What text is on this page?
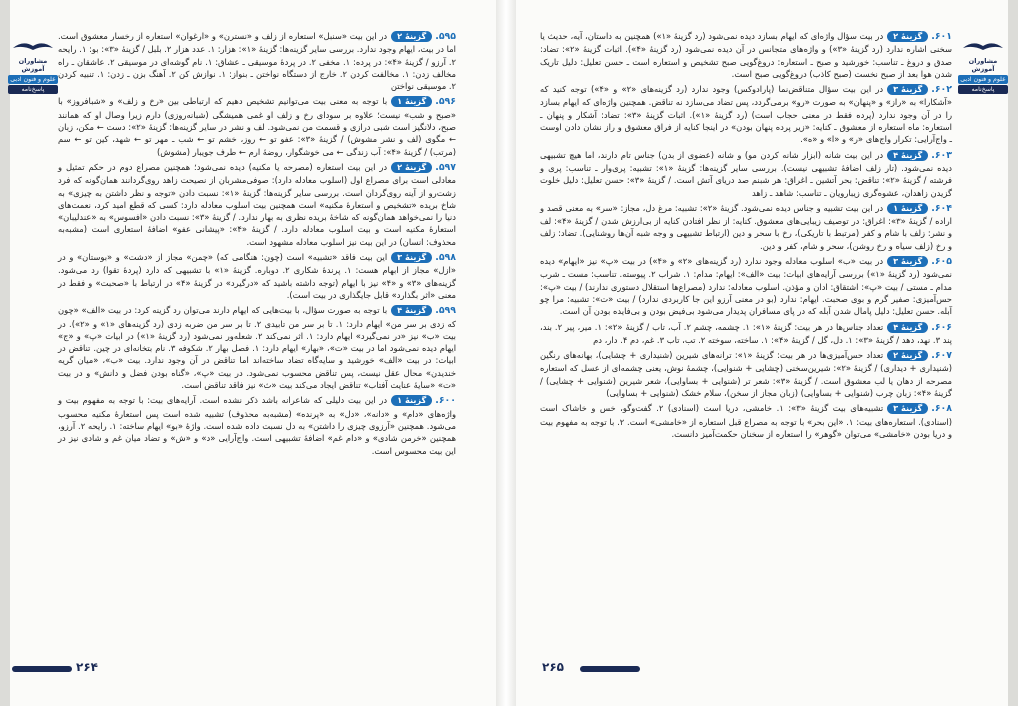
مشاوران آموزش
علوم و فنون ادبی
پاسخ‌نامه
۵۹۵.گزینهٔ ۲در این بیت «سنبل» استعاره از زلف و «نسترن» و «ارغوان» استعاره از رخسار معشوق است. اما در بیت، ایهام وجود ندارد. بررسی سایر گزینه‌ها: گزینهٔ «۱»: هزار: ۱. عدد هزار ۲. بلبل / گزینهٔ «۳»: بو: ۱. رایحه ۲. آرزو / گزینهٔ «۴»: در پرده: ۱. مخفی ۲. در پردهٔ موسیقی ـ عشاق: ۱. نام گوشه‌ای در موسیقی ۲. عاشقان ـ راه مخالف زدن: ۱. مخالفت کردن ۲. خارج از دستگاه نواختن ـ بنواز: ۱. نوازش کن ۲. آهنگ بزن ـ زدن: ۱. تنبیه کردن ۲. موسیقی نواختن
۵۹۶.گزینهٔ ۱با توجه به معنی بیت می‌توانیم تشخیص دهیم که ارتباطی بین «رخ و زلف» و «شبافروز» با «صبح و شب» نیست؛ علاوه بر سودای رخ و زلف او غمی همیشگی (شبانه‌روزی) دارم زیرا وصال او که همانند صبح، دلانگیز است شبی درازی و قسمت من نمی‌شود. لف و نشر در سایر گزینه‌ها: گزینهٔ «۲»: دست ← مکن، زبان ← مگوی (لف و نشر مشوش) / گزینهٔ «۳»: عفو تو ← روز، خشم تو ← شب ـ مهر تو ← شهد، کین تو ← سم (مرتب) / گزینهٔ «۴»: آب زندگی ← می خوشگوار، روضهٔ ارم ← طرف جویبار (مشوش)
۵۹۷.گزینهٔ ۲در این بیت استعاره (مصرحه یا مکنیه) دیده نمی‌شود؛ همچنین مصراع دوم در حکم تمثیل و معادلی است برای مصراع اول (اسلوب معادله دارد): صوفی‌مشربان از نصیحت زاهد روی‌گردانند همان‌گونه که فرد زشت‌رو از آینه روی‌گردان است. بررسی سایر گزینه‌ها: گزینهٔ «۱»: نسبت دادن «توجه و نظر داشتن به چیزی» به شاخ بریده «تشخیص و استعارهٔ مکنیه» است همچنین بیت اسلوب معادله دارد: کسی که قطع امید کرد، نعمت‌های دنیا را نمی‌خواهد همان‌گونه که شاخهٔ بریده نظری به بهار ندارد. / گزینهٔ «۳»: نسبت دادن «افسوس» به «عندلیبان» استعارهٔ مکنیه است و بیت اسلوب معادله دارد. / گزینهٔ «۴»: «پیشانی عفو» اضافهٔ استعاری است (مشبه‌به محذوف: انسان) در این بیت نیز اسلوب معادله مشهود است.
۵۹۸.گزینهٔ ۳این بیت فاقد «تشبیه» است (چون: هنگامی که) «چمن» مجاز از «دشت» و «بوستان» و در «ازل» مجاز از ابهام هست: ۱. پرندهٔ شکاری ۲. دوباره. گزینهٔ «۱» با تشبیهی که دارد (پردهٔ تقوا) رد می‌شود. گزینه‌های «۳» و «۴» نیز با ایهام (توجه داشته باشید که «درگیرد» در گزینهٔ «۴» در ارتباط با «صحبت» و فقط در معنی «اثر بگذارد» قابل جایگذاری در بیت است).
۵۹۹.گزینهٔ ۴با توجه به صورت سؤال، با بیت‌هایی که ایهام دارند می‌توان رد گزینه کرد: در بیت «الف» «چون که زدی بر سر من» ایهام دارد: ۱. تا بر سر من تابیدی ۲. تا بر سر من ضربه زدی (رد گزینه‌های «۱» و «۲»). در بیت «ب» نیز «در نمی‌گیرد» ایهام دارد: ۱. اثر نمی‌کند ۲. شعله‌ور نمی‌شود (رد گزینهٔ «۱») در ابیات «پ» و «ج» ایهام دیده نمی‌شود اما در بیت «ت»، «بهار» ایهام دارد: ۱. فصل بهار ۲. شکوفه ۳. نام بتخانه‌ای در چین. تناقض در ابیات: در بیت «الف» خورشید و سایه‌گاه تضاد ساخته‌اند اما تناقض در آن وجود ندارد. بیت «ب»، «میان گریه خندیدن» محال عقل نیست، پس تناقض محسوب نمی‌شود. در بیت «پ»، «گناه بودن فضل و دانش» و در بیت «ت» «سایهٔ عنایت آفتاب» تناقض ایجاد می‌کند بیت «ث» نیز فاقد تناقض است.
۶۰۰.گزینهٔ ۱در این بیت دلیلی که شاعرانه باشد ذکر نشده است. آرایه‌های بیت: با توجه به مفهوم بیت و واژه‌های «دام» و «دانه»، «دل» به «پرنده» (مشبه‌به محذوف) تشبیه شده است پس استعارهٔ مکنیه محسوب می‌شود. همچنین «آرزوی چیزی را داشتن» به دل نسبت داده شده است. واژهٔ «بو» ایهام ساخته: ۱. رایحه ۲. آرزو، همچنین «خرمن شادی» و «دام غم» اضافهٔ تشبیهی است. واج‌آرایی «د» و «ش» و تضاد میان غم و شادی نیز در این بیت محسوس است.
۲۶۴
مشاوران آموزش
علوم و فنون ادبی
پاسخ‌نامه
۶۰۱.گزینهٔ ۲در بیت سؤال واژه‌ای که ایهام بسازد دیده نمی‌شود (رد گزینهٔ «۱») همچنین به داستان، آیه، حدیث یا سخنی اشاره ندارد (رد گزینهٔ «۳») و واژه‌های متجانس در آن دیده نمی‌شود (رد گزینهٔ «۴»). اثبات گزینهٔ «۲»: تضاد: صدق و دروغ ـ تناسب: خورشید و صبح ـ استعاره: دروغ‌گویی صبح تشخیص و استعاره است ـ حسن تعلیل: دلیل تاریک شدن هوا بعد از صبح نخست (صبح کاذب) دروغ‌گویی صبح است.
۶۰۲.گزینهٔ ۳در این بیت سؤال متناقض‌نما (پارادوکس) وجود ندارد (رد گزینه‌های «۲» و «۴») توجه کنید که «آشکارا» به «راز» و «پنهان» به صورت «رو» برمی‌گردد، پس تضاد می‌سازد نه تناقض. همچنین واژه‌ای که ایهام بسازد را در آن وجود ندارد (پرده فقط در معنی حجاب است) (رد گزینهٔ «۱»). اثبات گزینهٔ «۳»: تضاد: آشکار و پنهان ـ استعاره: ماه استعاره از معشوق ـ کنایه: «زیر پرده پنهان بودن» در اینجا کنایه از فراق معشوق و راز نشان دادن اوست ـ واج‌آرایی: تکرار واج‌های «ر» و «ا» و «ه».
۶۰۳.گزینهٔ ۴در این بیت شانه (ابزار شانه کردن مو) و شانه (عضوی از بدن) جناس تام دارند، اما هیچ تشبیهی دیده نمی‌شود. (تار زلف اضافهٔ تشبیهی نیست). بررسی سایر گزینه‌ها: گزینهٔ «۱»: تشبیه: پری‌وار ـ تناسب: پری و فرشته / گزینهٔ «۲»: تناقض: بحر آتشین ـ اغراق: هر شبنم صد دریای آتش است. / گزینهٔ «۳»: حسن تعلیل: دلیل خلوت گزیدن زاهدان، عشوه‌گری زیبارویان ـ تناسب: شاهد ـ زاهد
۶۰۴.گزینهٔ ۱در این بیت تشبیه و جناس دیده نمی‌شود. گزینهٔ «۲»: تشبیه: مرغ دل، مجاز: «سر» به معنی قصد و اراده / گزینهٔ «۳»: اغراق: در توصیف زیبایی‌های معشوق. کنایه: از نظر افتادن کنایه از بی‌ارزش شدن / گزینهٔ «۴»: لف و نشر: زلف با شام و کفر (مرتبط با تاریکی)، رخ با سحر و دین (ارتباط تشبیهی و وجه شبه آن‌ها روشنایی). تضاد: زلف و رخ (زلف سیاه و رخ روشن)، سحر و شام، کفر و دین.
۶۰۵.گزینهٔ ۳در بیت «ب» اسلوب معادله وجود ندارد (رد گزینه‌های «۲» و «۴») در بیت «پ» نیز «ایهام» دیده نمی‌شود (رد گزینهٔ «۱») بررسی آرایه‌های ابیات: بیت «الف»: ایهام: مدام: ۱. شراب ۲. پیوسته. تناسب: مست ـ شرب مدام ـ مستی / بیت «پ»: اشتقاق: ادان و مؤذن. اسلوب معادله: ندارد (مصراع‌ها استقلال دستوری ندارند) / بیت «پ»: حس‌آمیزی: صفیر گرم و بوی صحبت. ایهام: ندارد (بو در معنی آرزو این جا کاربردی ندارد) / بیت «ت»: تشبیه: مرا چو آبله. حسن تعلیل: دلیل پامال شدن آبله که در پای مسافران پدیدار می‌شود بی‌فیض بودن و بی‌فایده بودن آن است.
۶۰۶.گزینهٔ ۴تعداد جناس‌ها در هر بیت: گزینهٔ «۱»: ۱. چشمه، چشم ۲. آب، تاب / گزینهٔ «۲»: ۱. میر، پیر ۲. بند، پند ۳. نهد، دهد / گزینهٔ «۳»: ۱. دل، گل / گزینهٔ «۴»: ۱. ساخته، سوخته ۲. تب، تاب ۳. غم، دم ۴. دار، دم
۶۰۷.گزینهٔ ۲تعداد حس‌آمیزی‌ها در هر بیت: گزینهٔ «۱»: ترانه‌های شیرین (شنیداری + چشایی)، بهانه‌های رنگین (شنیداری + دیداری) / گزینهٔ «۲»: شیرین‌سخنی (چشایی + شنوایی)، چشمهٔ نوش، یعنی چشمه‌ای از عسل که استعاره مصرحه از دهان یا لب معشوق است. / گزینهٔ «۳»: شعر تر (شنوایی + بساوایی)، شعر شیرین (شنوایی + چشایی) / گزینهٔ «۴»: زبان چرب (شنوایی + بساوایی) (زبان مجاز از سخن)، سلام خشک (شنوایی + بساوایی)
۶۰۸.گزینهٔ ۳تشبیه‌های بیت گزینهٔ «۳»: ۱. خامشی، دریا است (اسنادی) ۲. گفت‌وگو، خس و خاشاک است (اسنادی). استعاره‌های بیت: ۱. «این بحر» با توجه به مصراع قبل استعاره از «خامشی» است. ۲. با توجه به مفهوم بیت و دریا بودن «خامشی» می‌توان «گوهر» را استعاره از سخنان حکمت‌آمیز دانست.
۲۶۵
